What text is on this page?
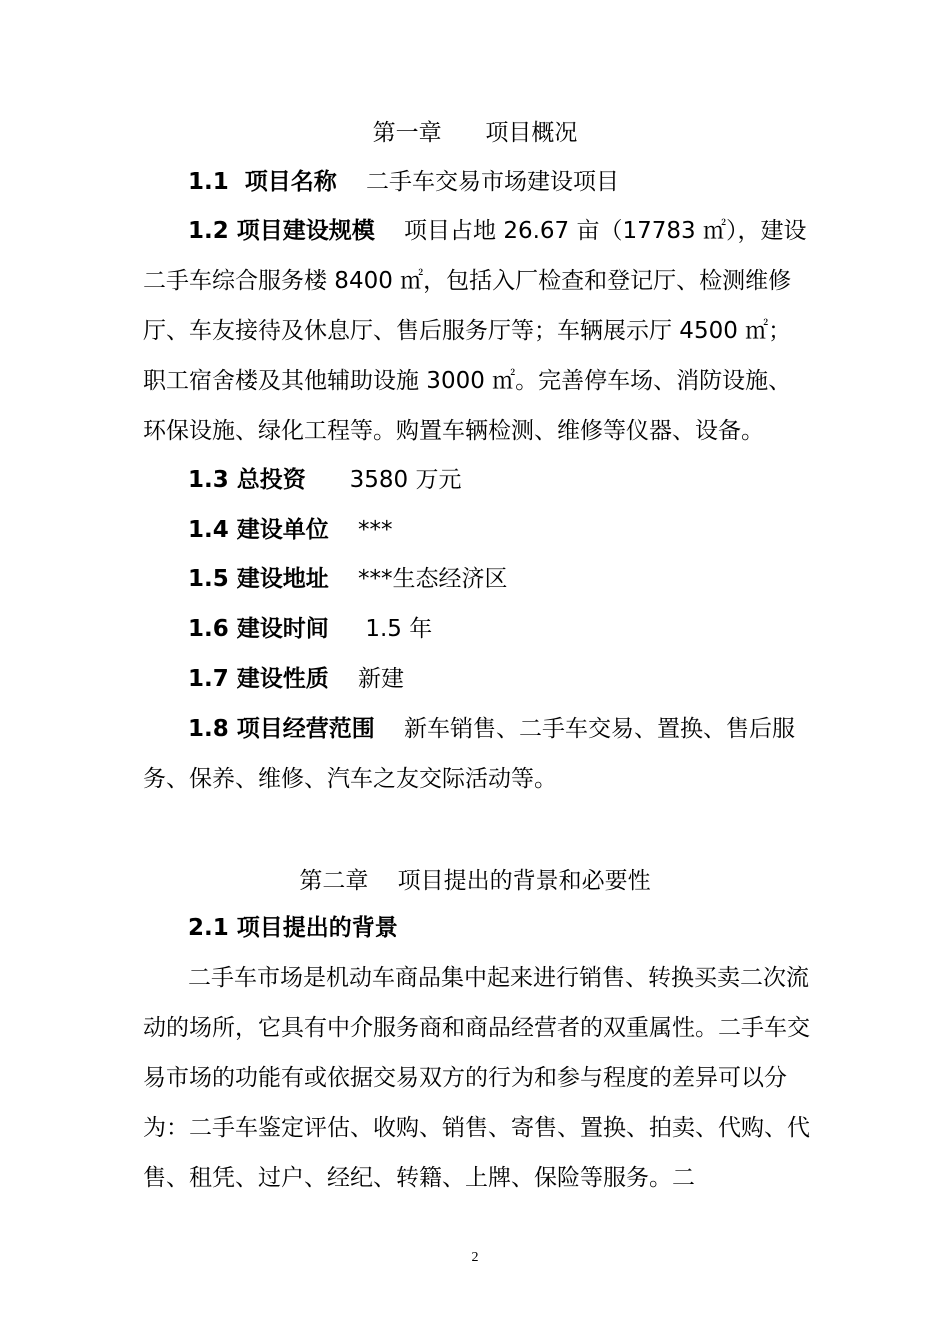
第一章      项目概况
1.1  项目名称    二手车交易市场建设项目
1.2 项目建设规模    项目占地 26.67 亩（17783 ㎡），建设二手车综合服务楼 8400 ㎡，包括入厂检查和登记厅、检测维修厅、车友接待及休息厅、售后服务厅等；车辆展示厅 4500 ㎡；职工宿舍楼及其他辅助设施 3000 ㎡。完善停车场、消防设施、环保设施、绿化工程等。购置车辆检测、维修等仪器、设备。
1.3 总投资      3580 万元
1.4 建设单位    ***
1.5 建设地址    ***生态经济区
1.6 建设时间     1.5 年
1.7 建设性质    新建
1.8 项目经营范围    新车销售、二手车交易、置换、售后服务、保养、维修、汽车之友交际活动等。
第二章    项目提出的背景和必要性
2.1 项目提出的背景
二手车市场是机动车商品集中起来进行销售、转换买卖二次流动的场所，它具有中介服务商和商品经营者的双重属性。二手车交易市场的功能有或依据交易双方的行为和参与程度的差异可以分为：二手车鉴定评估、收购、销售、寄售、置换、拍卖、代购、代售、租凭、过户、经纪、转籍、上牌、保险等服务。二
2
